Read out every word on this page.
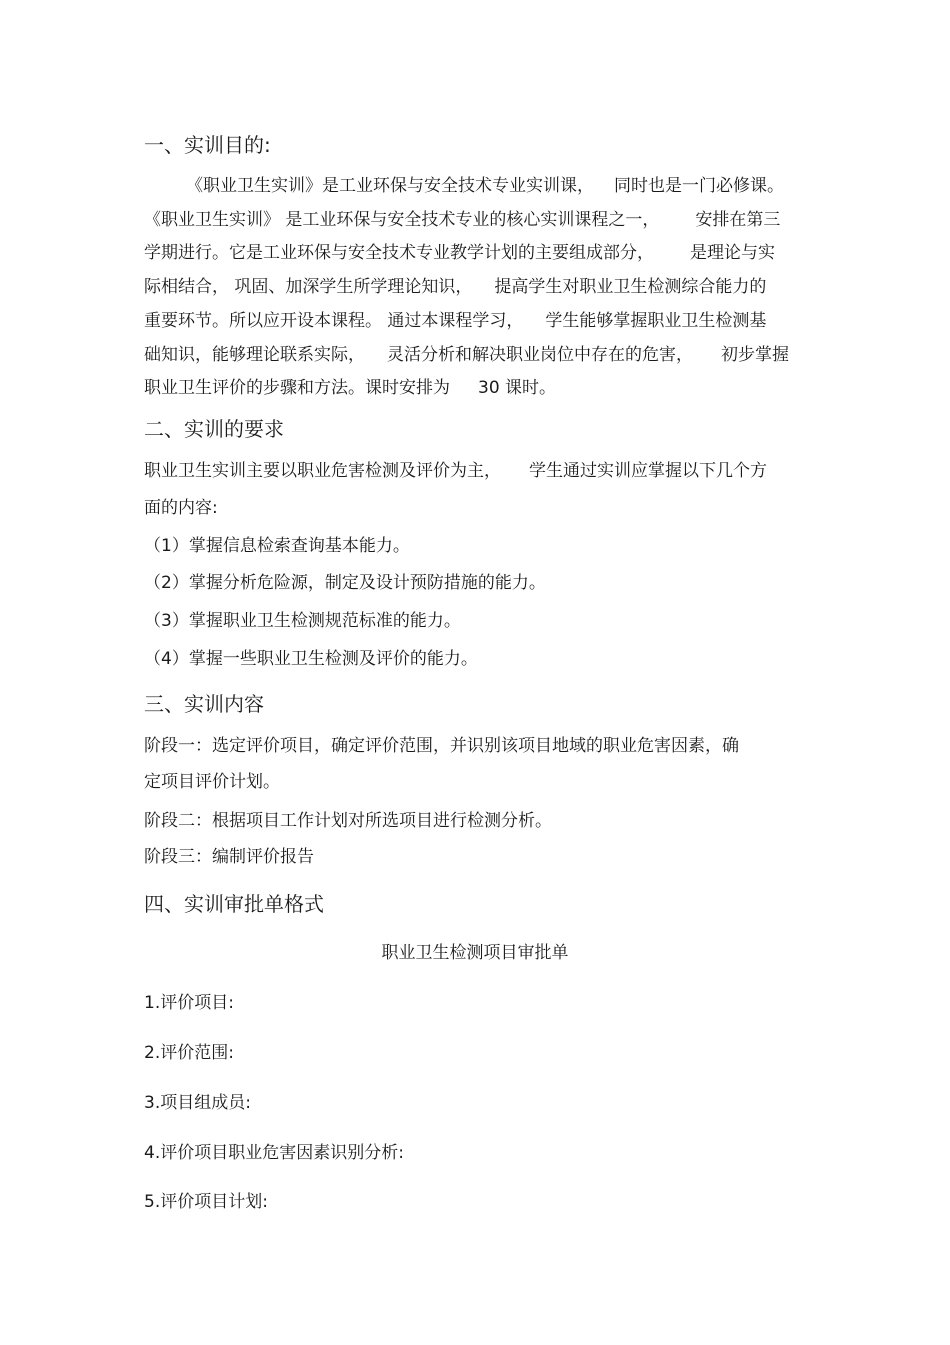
一、实训目的:
《职业卫生实训》是工业环保与安全技术专业实训课， 同时也是一门必修课。
《职业卫生实训》 是工业环保与安全技术专业的核心实训课程之一， 安排在第三
学期进行。它是工业环保与安全技术专业教学计划的主要组成部分， 是理论与实
际相结合， 巩固、加深学生所学理论知识， 提高学生对职业卫生检测综合能力的
重要环节。所以应开设本课程。 通过本课程学习， 学生能够掌握职业卫生检测基
础知识，能够理论联系实际， 灵活分析和解决职业岗位中存在的危害， 初步掌握
职业卫生评价的步骤和方法。课时安排为 30 课时。
二、实训的要求
职业卫生实训主要以职业危害检测及评价为主， 学生通过实训应掌握以下几个方
面的内容:
（1）掌握信息检索查询基本能力。
（2）掌握分析危险源，制定及设计预防措施的能力。
（3）掌握职业卫生检测规范标准的能力。
（4）掌握一些职业卫生检测及评价的能力。
三、实训内容
阶段一：选定评价项目，确定评价范围，并识别该项目地域的职业危害因素，确
定项目评价计划。
阶段二：根据项目工作计划对所选项目进行检测分析。
阶段三：编制评价报告
四、实训审批单格式
职业卫生检测项目审批单
1.评价项目:
2.评价范围:
3.项目组成员:
4.评价项目职业危害因素识别分析:
5.评价项目计划:
